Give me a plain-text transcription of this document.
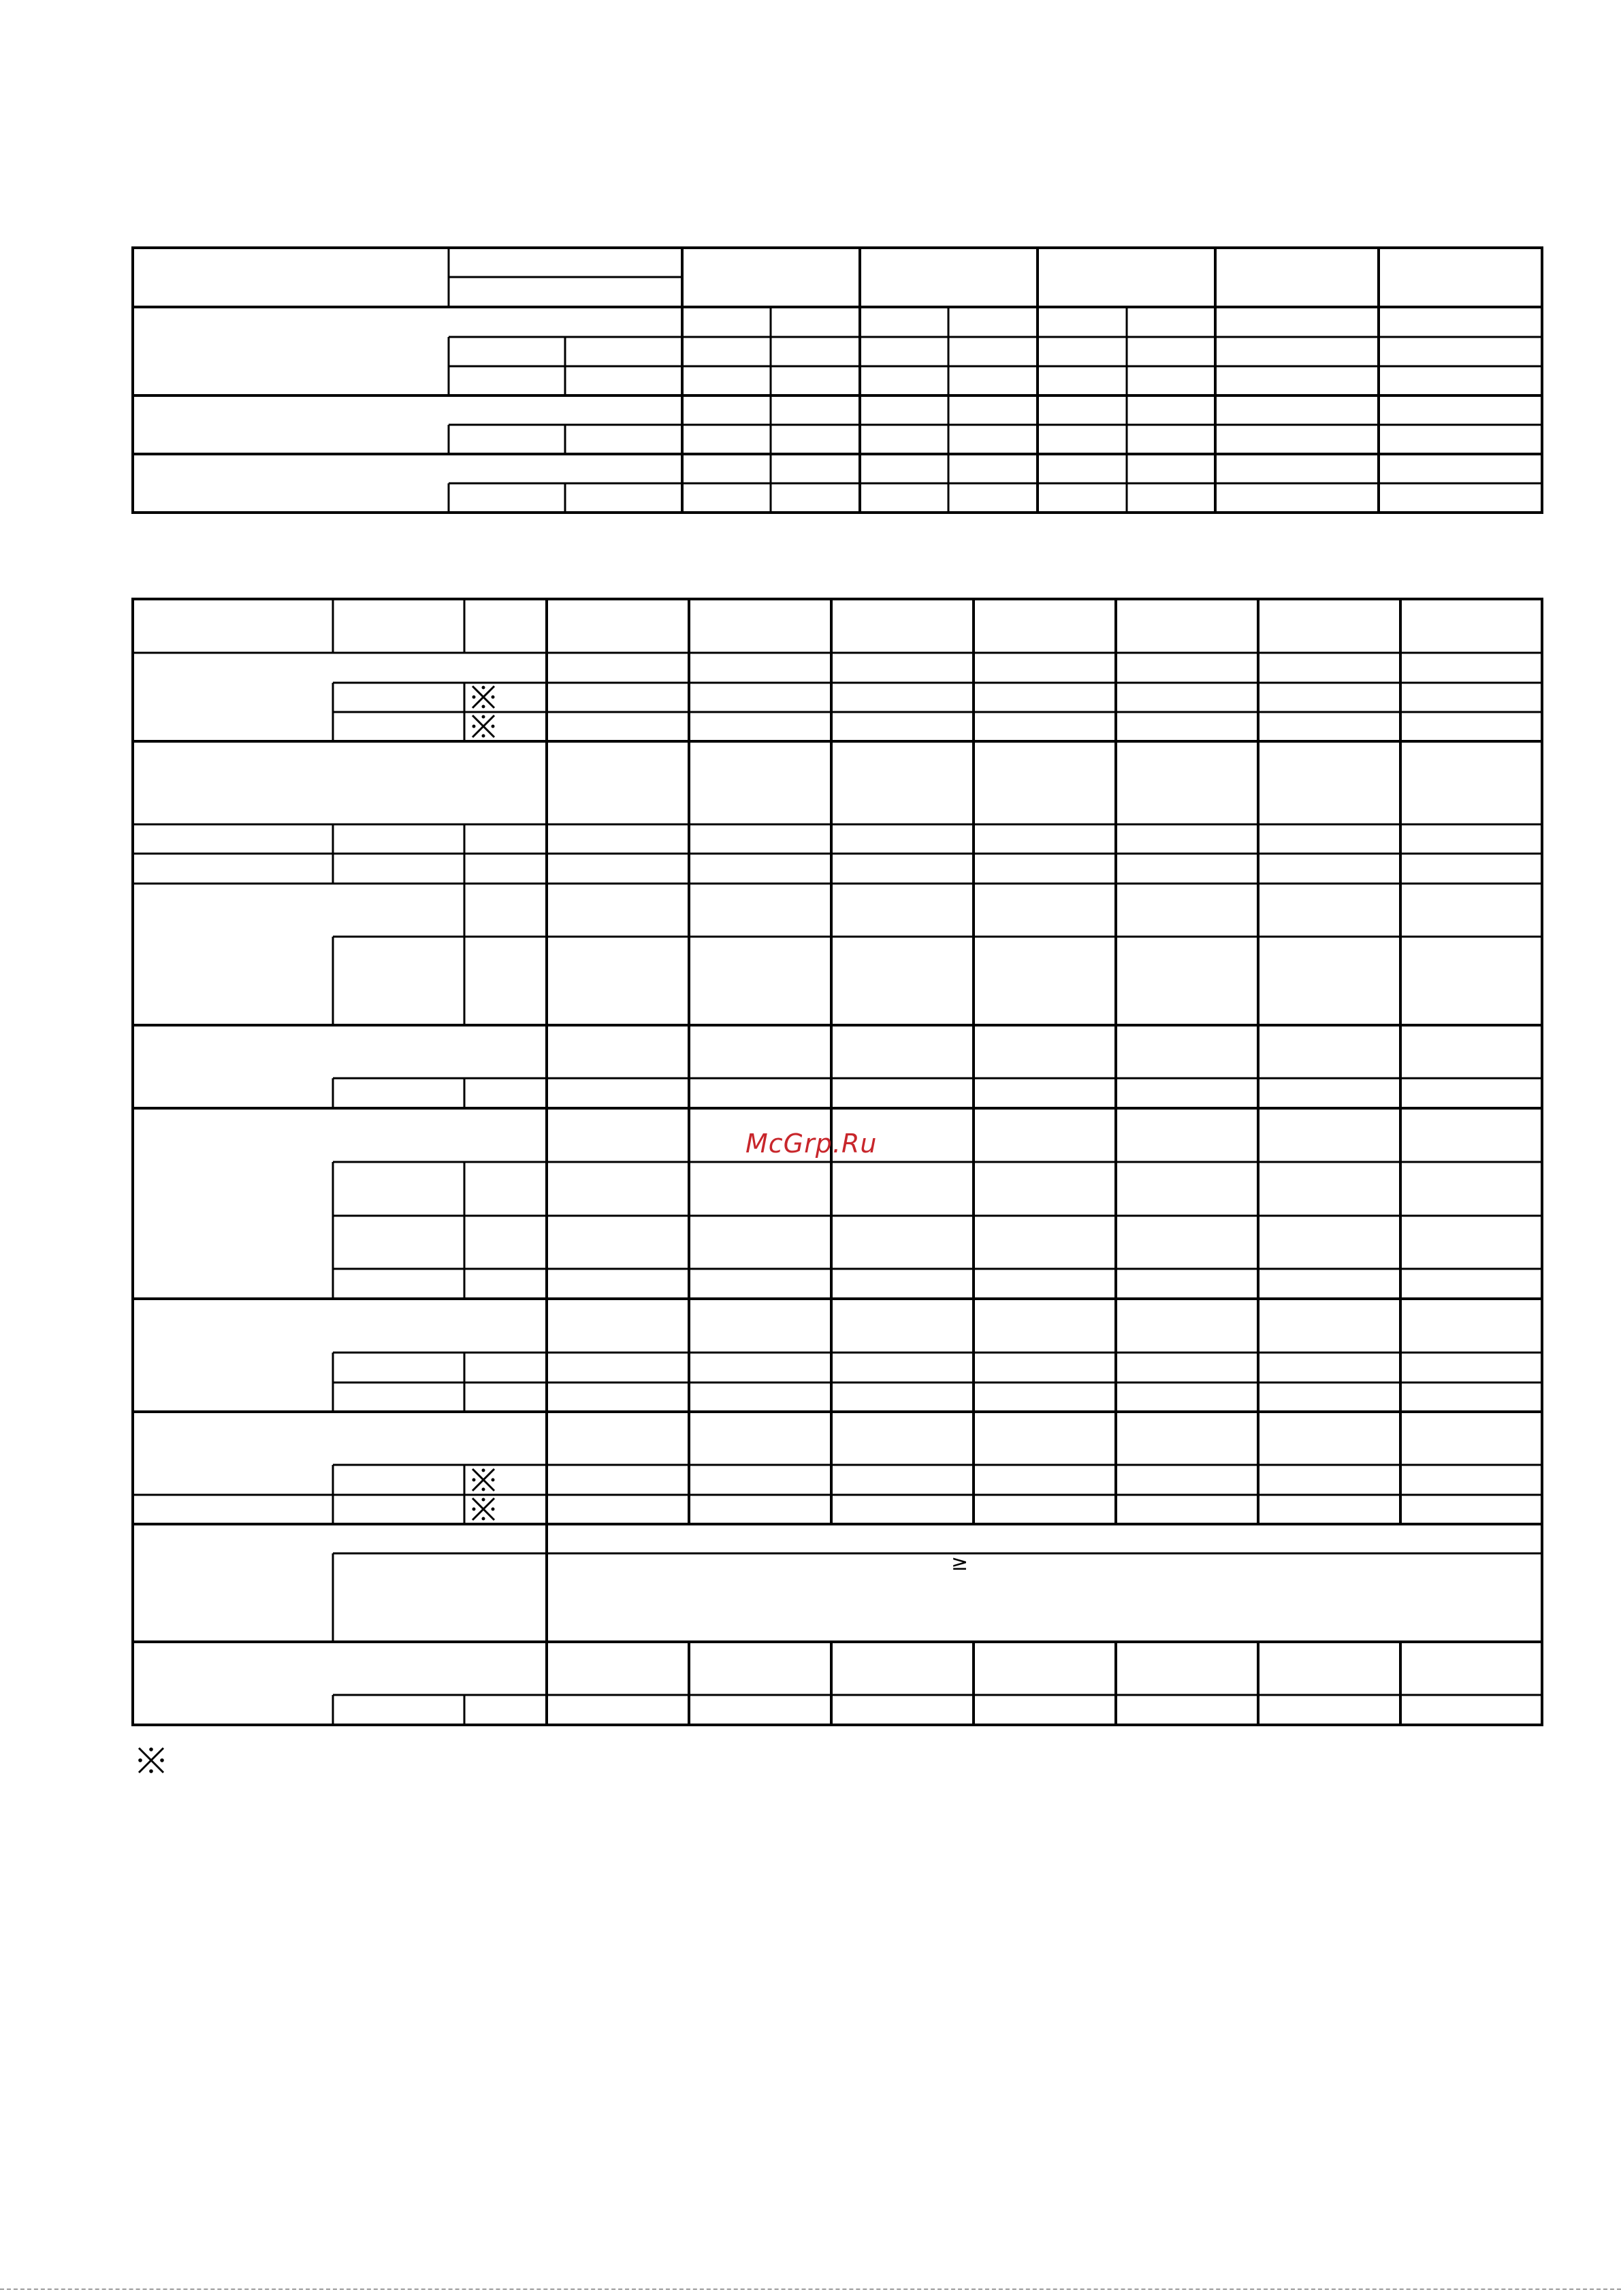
≥
McGrp.Ru
